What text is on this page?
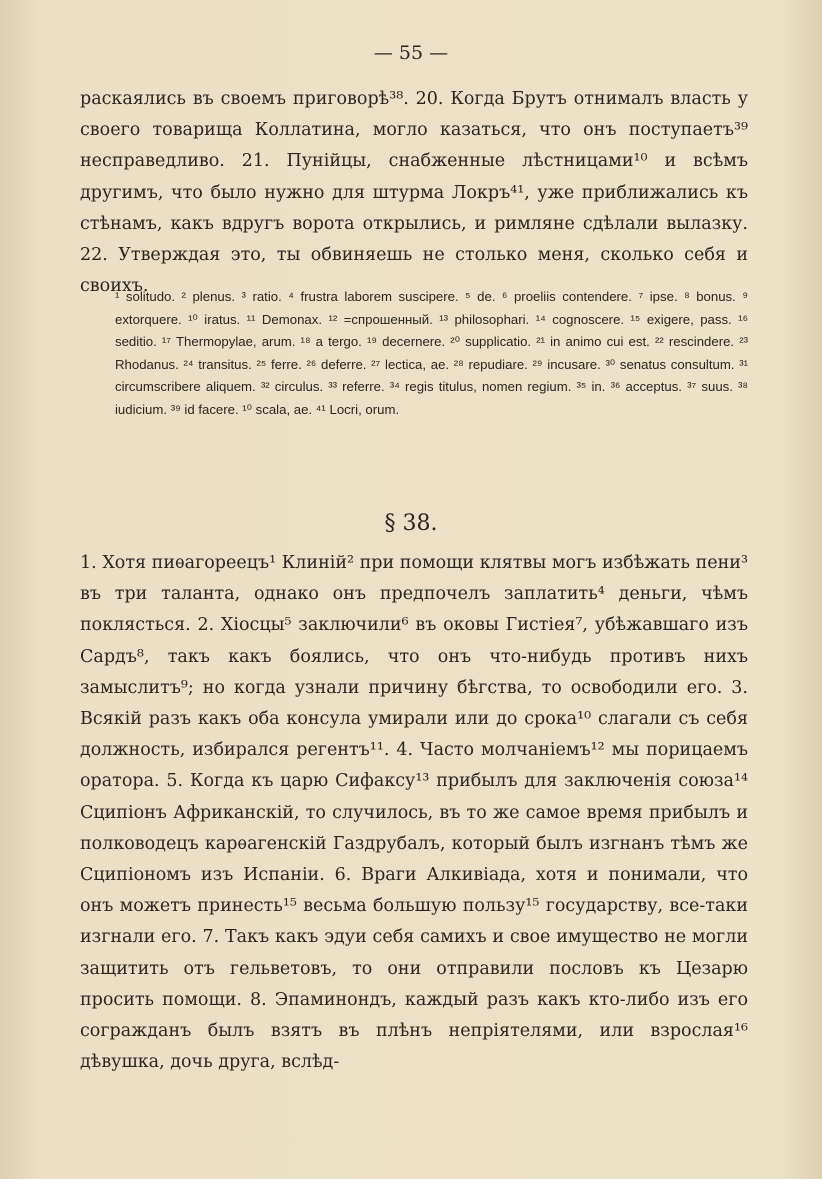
— 55 —

раскаялись въ своемъ приговорѣ³⁸. 20. Когда Брутъ отнималъ власть у своего товарища Коллатина, могло казаться, что онъ поступаетъ³⁹ несправедливо. 21. Пунійцы, снабженные лѣстницами¹⁰ и всѣмъ другимъ, что было нужно для штурма Локръ⁴¹, уже приближались къ стѣнамъ, какъ вдругъ ворота открылись, и римляне сдѣлали вылазку. 22. Утверждая это, ты обвиняешь не столько меня, сколько себя и своихъ.

¹ solitudo. ² plenus. ³ ratio. ⁴ frustra laborem suscipere. ⁵ de. ⁶ proeliis contendere. ⁷ ipse. ⁸ bonus. ⁹ extorquere. ¹⁰ iratus. ¹¹ Demonax. ¹² =спрошенный. ¹³ philosophari. ¹⁴ cognoscere. ¹⁵ exigere, pass. ¹⁶ seditio. ¹⁷ Thermopylae, arum. ¹⁸ a tergo. ¹⁹ decernere. ²⁰ supplicatio. ²¹ in animo cui est. ²² rescindere. ²³ Rhodanus. ²⁴ transitus. ²⁵ ferre. ²⁶ deferre. ²⁷ lectica, ae. ²⁸ repudiare. ²⁹ incusare. ³⁰ senatus consultum. ³¹ circumscribere aliquem. ³² circulus. ³³ referre. ³⁴ regis titulus, nomen regium. ³⁵ in. ³⁶ acceptus. ³⁷ suus. ³⁸ iudicium. ³⁹ id facere. ¹⁰ scala, ae. ⁴¹ Locri, orum.
§ 38.

1. Хотя пиѳагореецъ¹ Клиній² при помощи клятвы могъ избѣжать пени³ въ три таланта, однако онъ предпочелъ заплатить⁴ деньги, чѣмъ поклясться. 2. Хіосцы⁵ заключили⁶ въ оковы Гистіея⁷, убѣжавшаго изъ Сардъ⁸, такъ какъ боялись, что онъ что-нибудь противъ нихъ замыслитъ⁹; но когда узнали причину бѣгства, то освободили его. 3. Всякій разъ какъ оба консула умирали или до срока¹⁰ слагали съ себя должность, избирался регентъ¹¹. 4. Часто молчаніемъ¹² мы порицаемъ оратора. 5. Когда къ царю Сифаксу¹³ прибылъ для заключенія союза¹⁴ Сципіонъ Африканскій, то случилось, въ то же самое время прибылъ и полководецъ карѳагенскій Газдрубалъ, который былъ изгнанъ тѣмъ же Сципіономъ изъ Испаніи. 6. Враги Алкивіада, хотя и понимали, что онъ можетъ принесть¹⁵ весьма большую пользу¹⁵ государству, все-таки изгнали его. 7. Такъ какъ эдуи себя самихъ и свое имущество не могли защитить отъ гельветовъ, то они отправили пословъ къ Цезарю просить помощи. 8. Эпаминондъ, каждый разъ какъ кто-либо изъ его согражданъ былъ взятъ въ плѣнъ непріятелями, или взрослая¹⁶ дѣвушка, дочь друга, вслѣд-
